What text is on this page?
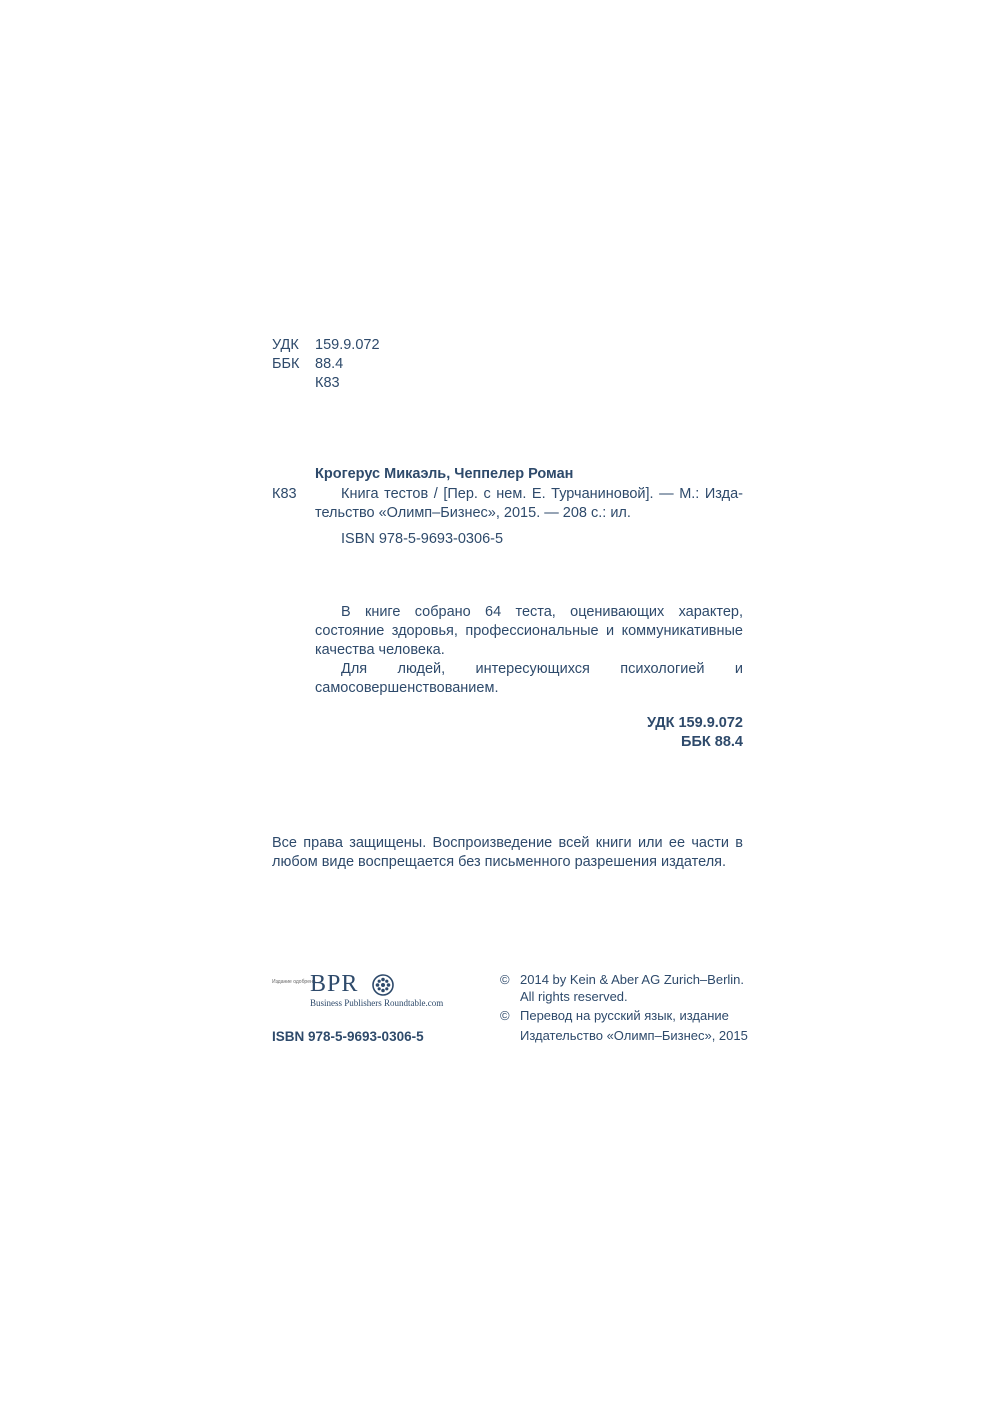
УДК 159.9.072
ББК 88.4
К83
Крогерус Микаэль, Чеппелер Роман
К83	Книга тестов / [Пер. с нем. Е. Турчаниновой]. — М.: Изда-
тельство «Олимп–Бизнес», 2015. — 208 с.: ил.
ISBN 978-5-9693-0306-5
В книге собрано 64 теста, оценивающих характер, состояние здоровья, профессиональные и коммуникативные качества человека.
Для людей, интересующихся психологией и самосовершенствованием.
УДК 159.9.072
ББК 88.4
Все права защищены. Воспроизведение всей книги или ее части в любом виде воспрещается без письменного разрешения издателя.
Издание одобрено
BPR
Business Publishers Roundtable.com
ISBN 978-5-9693-0306-5
© 2014 by Kein & Aber AG Zurich–Berlin.
All rights reserved.
© Перевод на русский язык, издание
Издательство «Олимп–Бизнес», 2015
